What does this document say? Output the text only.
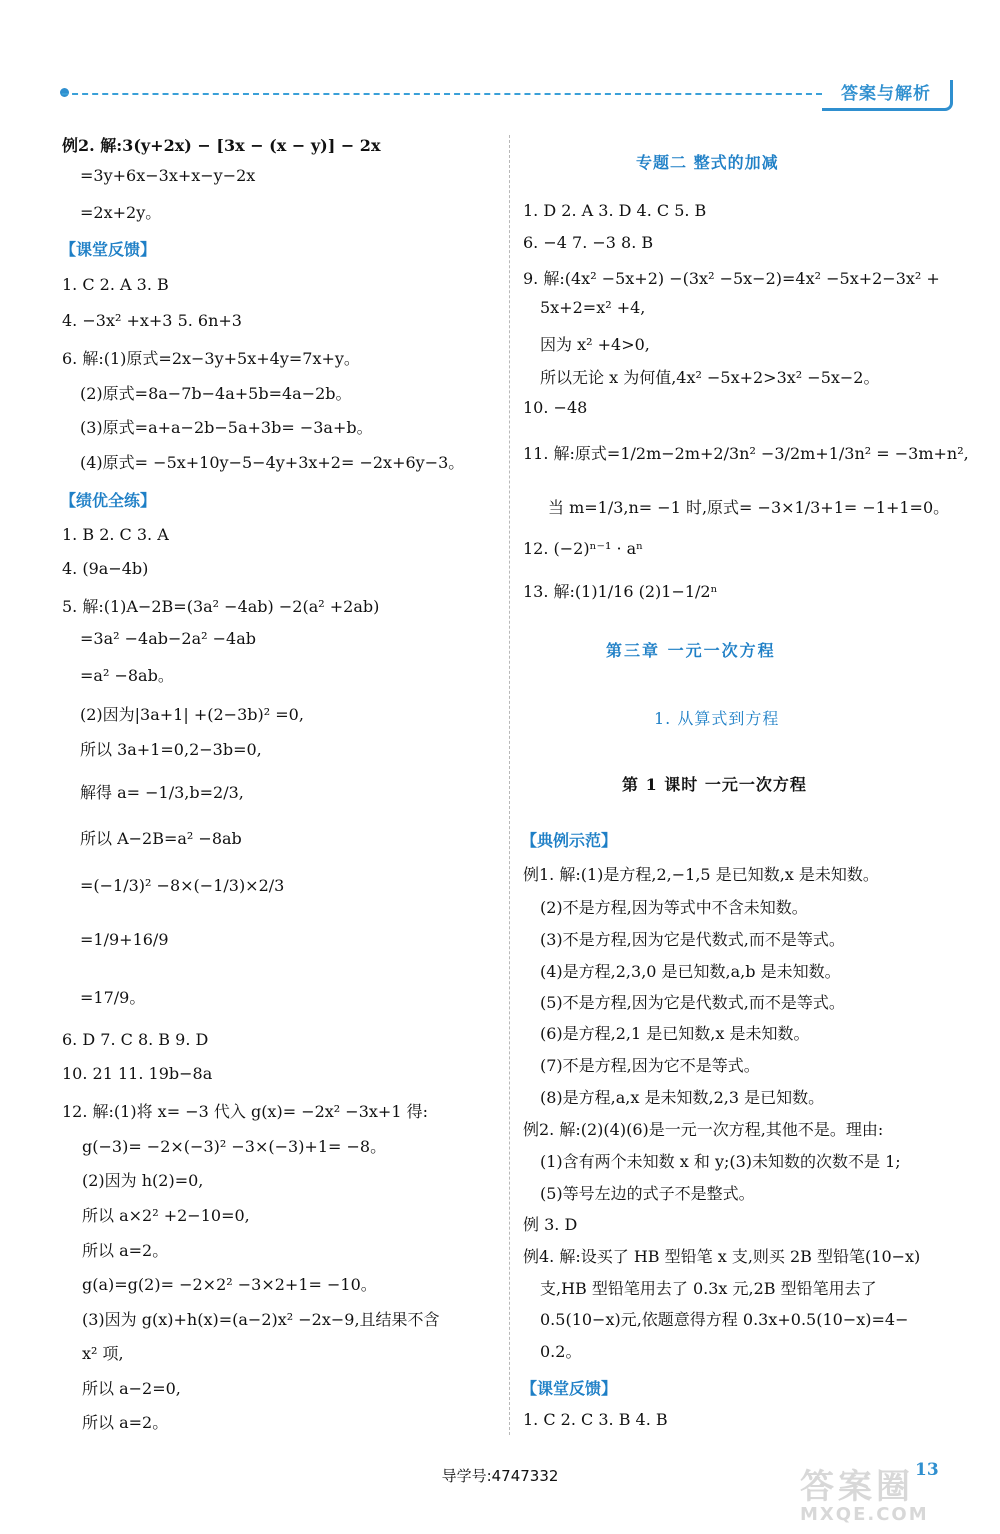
答案与解析
例2. 解:3(y+2x) − [3x − (x − y)] − 2x
=3y+6x−3x+x−y−2x
=2x+2y。
【课堂反馈】
1. C 2. A 3. B
4. −3x² +x+3 5. 6n+3
6. 解:(1)原式=2x−3y+5x+4y=7x+y。
(2)原式=8a−7b−4a+5b=4a−2b。
(3)原式=a+a−2b−5a+3b= −3a+b。
(4)原式= −5x+10y−5−4y+3x+2= −2x+6y−3。
【绩优全练】
1. B 2. C 3. A
4. (9a−4b)
5. 解:(1)A−2B=(3a² −4ab) −2(a² +2ab)
=3a² −4ab−2a² −4ab
=a² −8ab。
(2)因为|3a+1| +(2−3b)² =0,
所以 3a+1=0,2−3b=0,
解得 a= −1/3,b=2/3,
所以 A−2B=a² −8ab
=(−1/3)² −8×(−1/3)×2/3
=1/9+16/9
=17/9。
6. D 7. C 8. B 9. D
10. 21 11. 19b−8a
12. 解:(1)将 x= −3 代入 g(x)= −2x² −3x+1 得:
g(−3)= −2×(−3)² −3×(−3)+1= −8。
(2)因为 h(2)=0,
所以 a×2² +2−10=0,
所以 a=2。
g(a)=g(2)= −2×2² −3×2+1= −10。
(3)因为 g(x)+h(x)=(a−2)x² −2x−9,且结果不含
x² 项,
所以 a−2=0,
所以 a=2。
专题二 整式的加减
1. D 2. A 3. D 4. C 5. B
6. −4 7. −3 8. B
9. 解:(4x² −5x+2) −(3x² −5x−2)=4x² −5x+2−3x² +
5x+2=x² +4,
因为 x² +4>0,
所以无论 x 为何值,4x² −5x+2>3x² −5x−2。
10. −48
11. 解:原式=1/2m−2m+2/3n² −3/2m+1/3n² = −3m+n²,
当 m=1/3,n= −1 时,原式= −3×1/3+1= −1+1=0。
12. (−2)ⁿ⁻¹ · aⁿ
13. 解:(1)1/16 (2)1−1/2ⁿ
第三章 一元一次方程
1. 从算式到方程
第 1 课时 一元一次方程
【典例示范】
例1. 解:(1)是方程,2,−1,5 是已知数,x 是未知数。
(2)不是方程,因为等式中不含未知数。
(3)不是方程,因为它是代数式,而不是等式。
(4)是方程,2,3,0 是已知数,a,b 是未知数。
(5)不是方程,因为它是代数式,而不是等式。
(6)是方程,2,1 是已知数,x 是未知数。
(7)不是方程,因为它不是等式。
(8)是方程,a,x 是未知数,2,3 是已知数。
例2. 解:(2)(4)(6)是一元一次方程,其他不是。理由:
(1)含有两个未知数 x 和 y;(3)未知数的次数不是 1;
(5)等号左边的式子不是整式。
例 3. D
例4. 解:设买了 HB 型铅笔 x 支,则买 2B 型铅笔(10−x)
支,HB 型铅笔用去了 0.3x 元,2B 型铅笔用去了
0.5(10−x)元,依题意得方程 0.3x+0.5(10−x)=4−
0.2。
【课堂反馈】
1. C 2. C 3. B 4. B
导学号:4747332	13
答案圈
MXQE.COM
